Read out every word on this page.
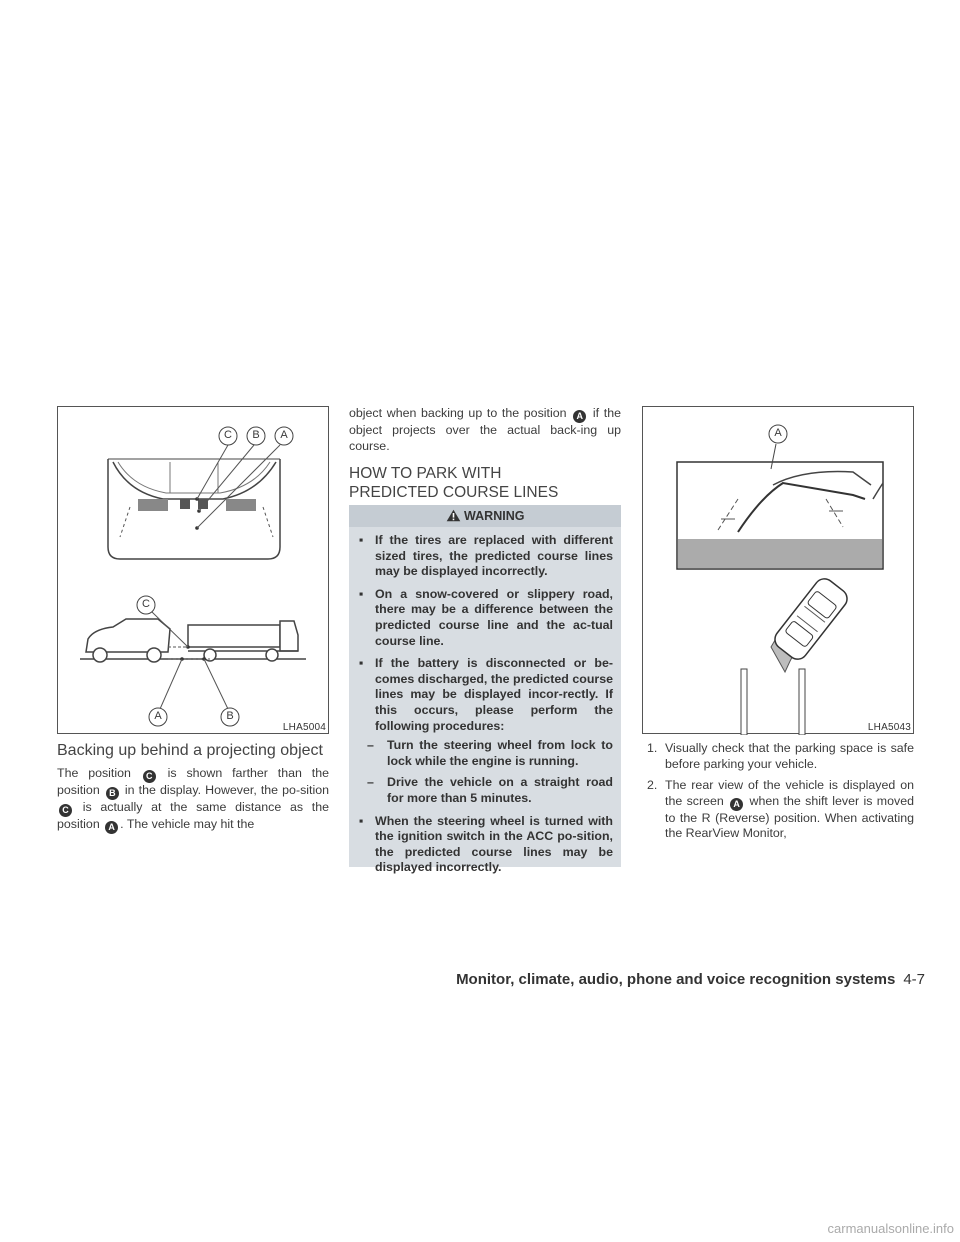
C B A
C
A	B
LHA5004
Backing up behind a projecting object

The position C is shown farther than the position B in the display. However, the po-sition C is actually at the same distance as the position A . The vehicle may hit the

object when backing up to the position A if the object projects over the actual back-ing up course.

HOW TO PARK WITH PREDICTED COURSE LINES
WARNING
▪ If the tires are replaced with different sized tires, the predicted course lines may be displayed incorrectly.
▪ On a snow-covered or slippery road, there may be a difference between the predicted course line and the ac-tual course line.
▪ If the battery is disconnected or be-comes discharged, the predicted course lines may be displayed incor-rectly. If this occurs, please perform the following procedures:
– Turn the steering wheel from lock to lock while the engine is running.
– Drive the vehicle on a straight road for more than 5 minutes.
▪ When the steering wheel is turned with the ignition switch in the ACC po-sition, the predicted course lines may be displayed incorrectly.
A
LHA5043
1. Visually check that the parking space is safe before parking your vehicle.
2. The rear view of the vehicle is displayed on the screen A when the shift lever is moved to the R (Reverse) position. When activating the RearView Monitor,
Monitor, climate, audio, phone and voice recognition systems 4-7
carmanualsonline.info
